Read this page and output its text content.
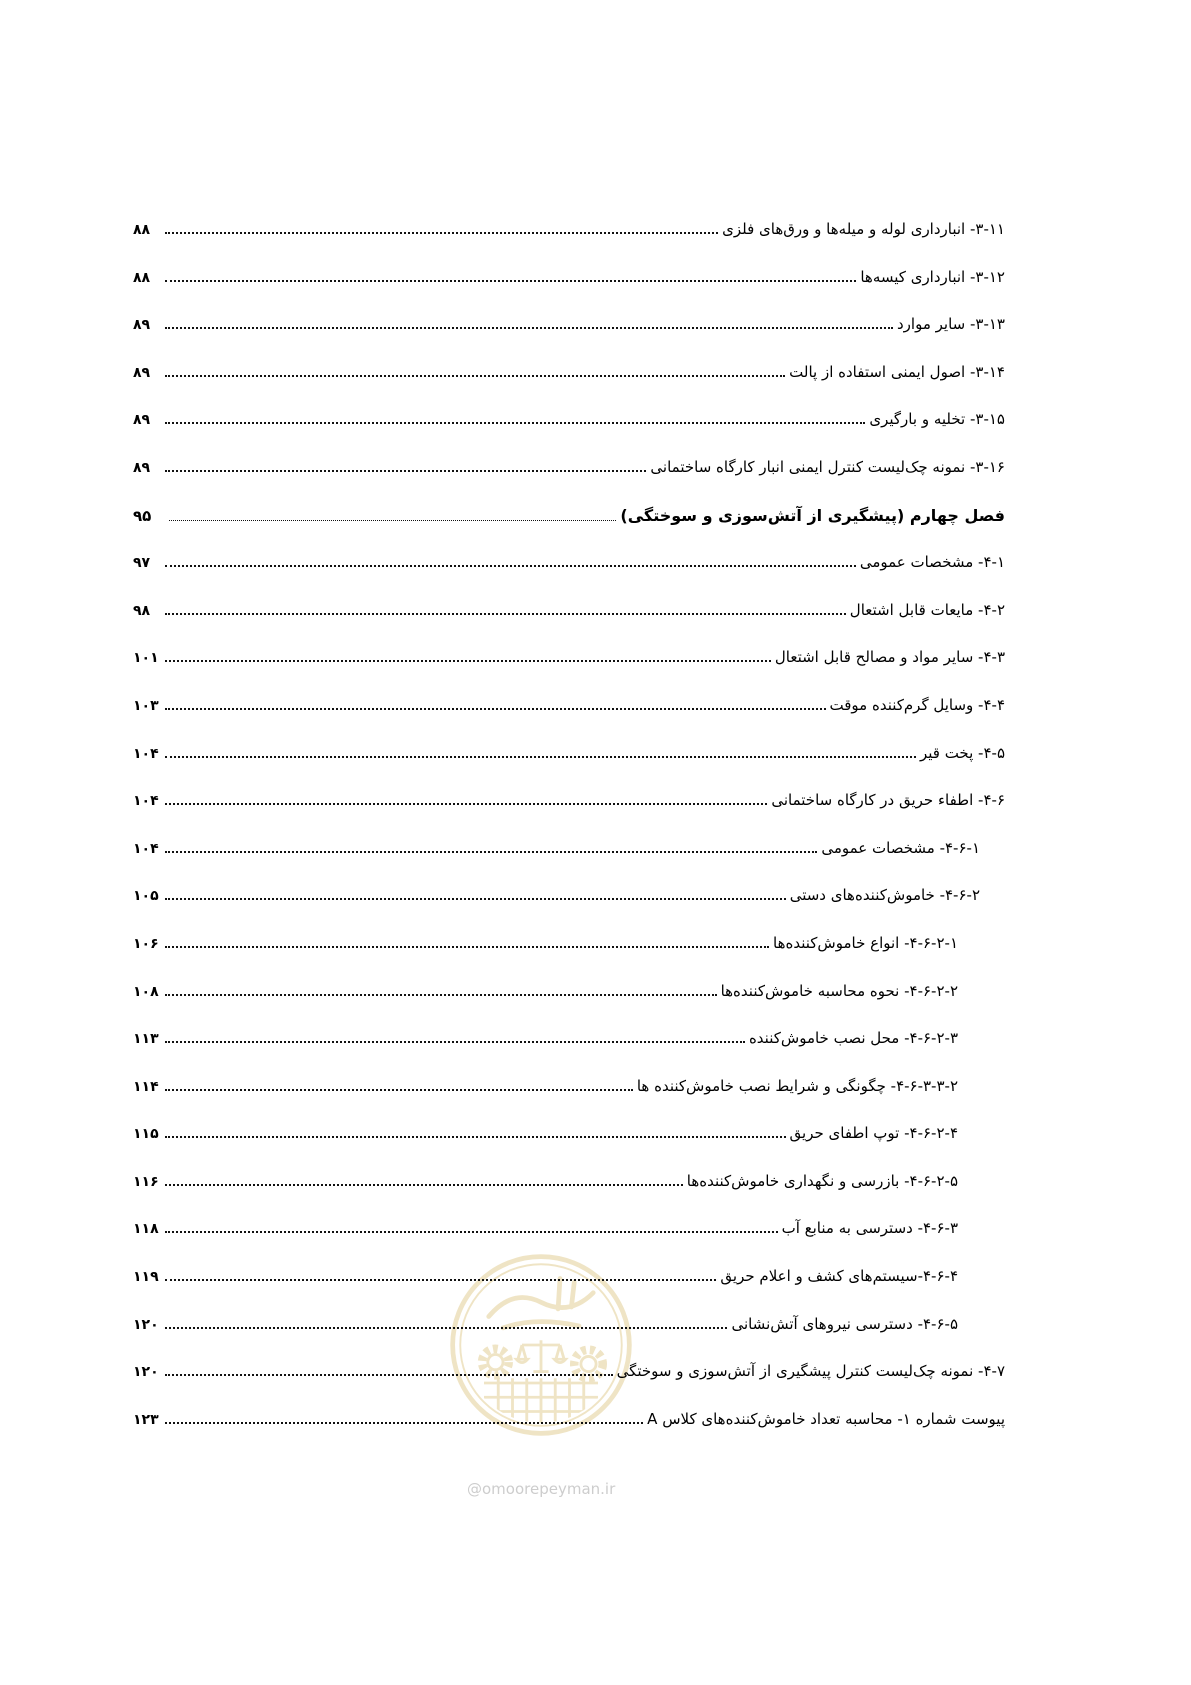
@omoorepeyman.ir
۳-۱۱- انبارداری لوله و میله‌ها و ورق‌های فلزی
۸۸
۳-۱۲- انبارداری کیسه‌ها
۸۸
۳-۱۳- سایر موارد
۸۹
۳-۱۴- اصول ایمنی استفاده از پالت
۸۹
۳-۱۵- تخلیه و بارگیری
۸۹
۳-۱۶- نمونه چک‌لیست کنترل ایمنی انبار کارگاه ساختمانی
۸۹
فصل چهارم (پیشگیری از آتش‌سوزی و سوختگی)
۹۵
۴-۱- مشخصات عمومی
۹۷
۴-۲- مایعات قابل اشتعال
۹۸
۴-۳- سایر مواد و مصالح قابل اشتعال
۱۰۱
۴-۴- وسایل گرم‌کننده موقت
۱۰۳
۴-۵- پخت قیر
۱۰۴
۴-۶- اطفاء حریق در کارگاه ساختمانی
۱۰۴
۴-۶-۱- مشخصات عمومی
۱۰۴
۴-۶-۲- خاموش‌کننده‌های دستی
۱۰۵
۴-۶-۲-۱- انواع خاموش‌کننده‌ها
۱۰۶
۴-۶-۲-۲- نحوه محاسبه خاموش‌کننده‌ها
۱۰۸
۴-۶-۲-۳- محل نصب خاموش‌کننده
۱۱۳
۴-۶-۳-۳-۲- چگونگی و شرایط نصب خاموش‌کننده ها
۱۱۴
۴-۶-۲-۴- توپ اطفای حریق
۱۱۵
۴-۶-۲-۵- بازرسی و نگهداری خاموش‌کننده‌ها
۱۱۶
۴-۶-۳- دسترسی به منابع آب
۱۱۸
۴-۶-۴-سیستم‌های کشف و اعلام حریق
۱۱۹
۴-۶-۵- دسترسی نیروهای آتش‌نشانی
۱۲۰
۴-۷- نمونه چک‌لیست کنترل پیشگیری از آتش‌سوزی و سوختگی
۱۲۰
پیوست شماره ۱- محاسبه تعداد خاموش‌کننده‌های کلاس A
۱۲۳
